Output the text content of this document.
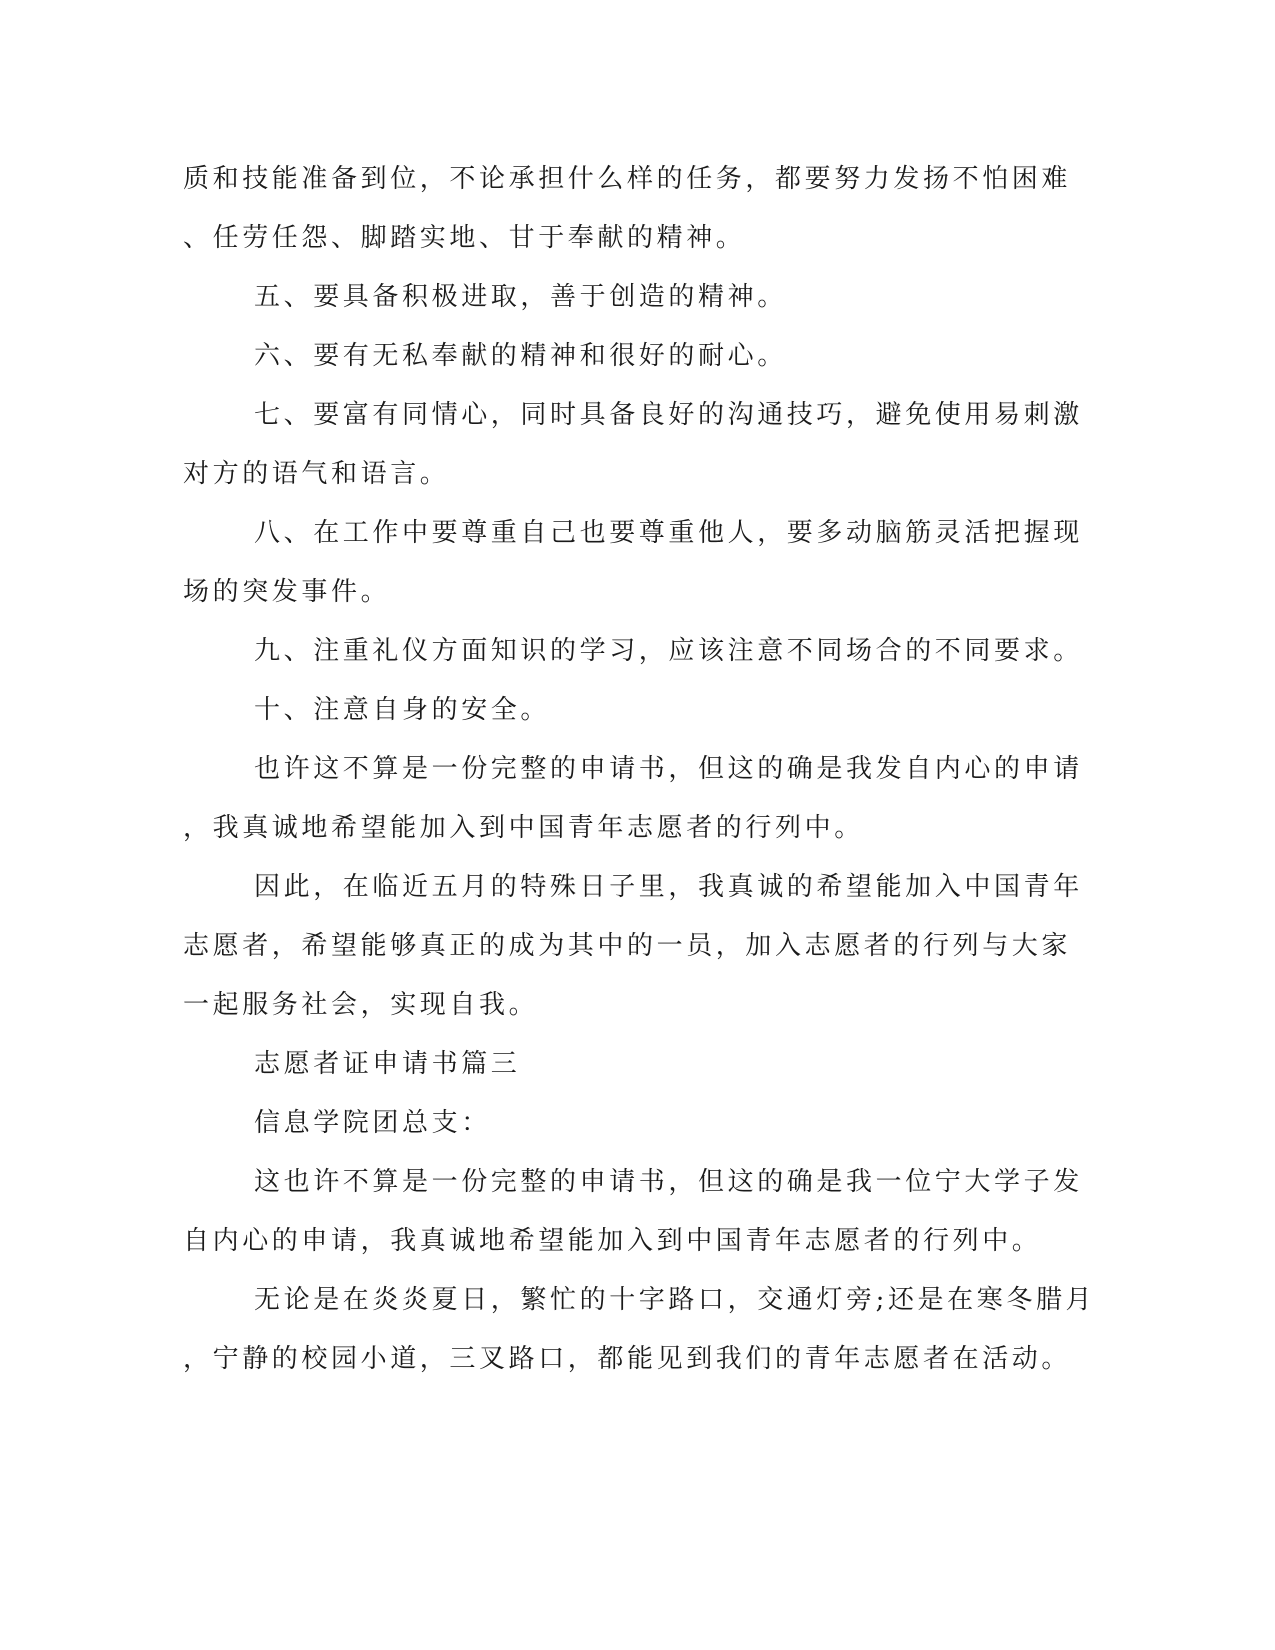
质和技能准备到位，不论承担什么样的任务，都要努力发扬不怕困难

、任劳任怨、脚踏实地、甘于奉献的精神。

五、要具备积极进取，善于创造的精神。

六、要有无私奉献的精神和很好的耐心。

七、要富有同情心，同时具备良好的沟通技巧，避免使用易刺激

对方的语气和语言。

八、在工作中要尊重自己也要尊重他人，要多动脑筋灵活把握现

场的突发事件。

九、注重礼仪方面知识的学习，应该注意不同场合的不同要求。

十、注意自身的安全。

也许这不算是一份完整的申请书，但这的确是我发自内心的申请

，我真诚地希望能加入到中国青年志愿者的行列中。

因此，在临近五月的特殊日子里，我真诚的希望能加入中国青年

志愿者，希望能够真正的成为其中的一员，加入志愿者的行列与大家

一起服务社会，实现自我。

志愿者证申请书篇三

信息学院团总支：

这也许不算是一份完整的申请书，但这的确是我一位宁大学子发

自内心的申请，我真诚地希望能加入到中国青年志愿者的行列中。

无论是在炎炎夏日，繁忙的十字路口，交通灯旁;还是在寒冬腊月

，宁静的校园小道，三叉路口，都能见到我们的青年志愿者在活动。
